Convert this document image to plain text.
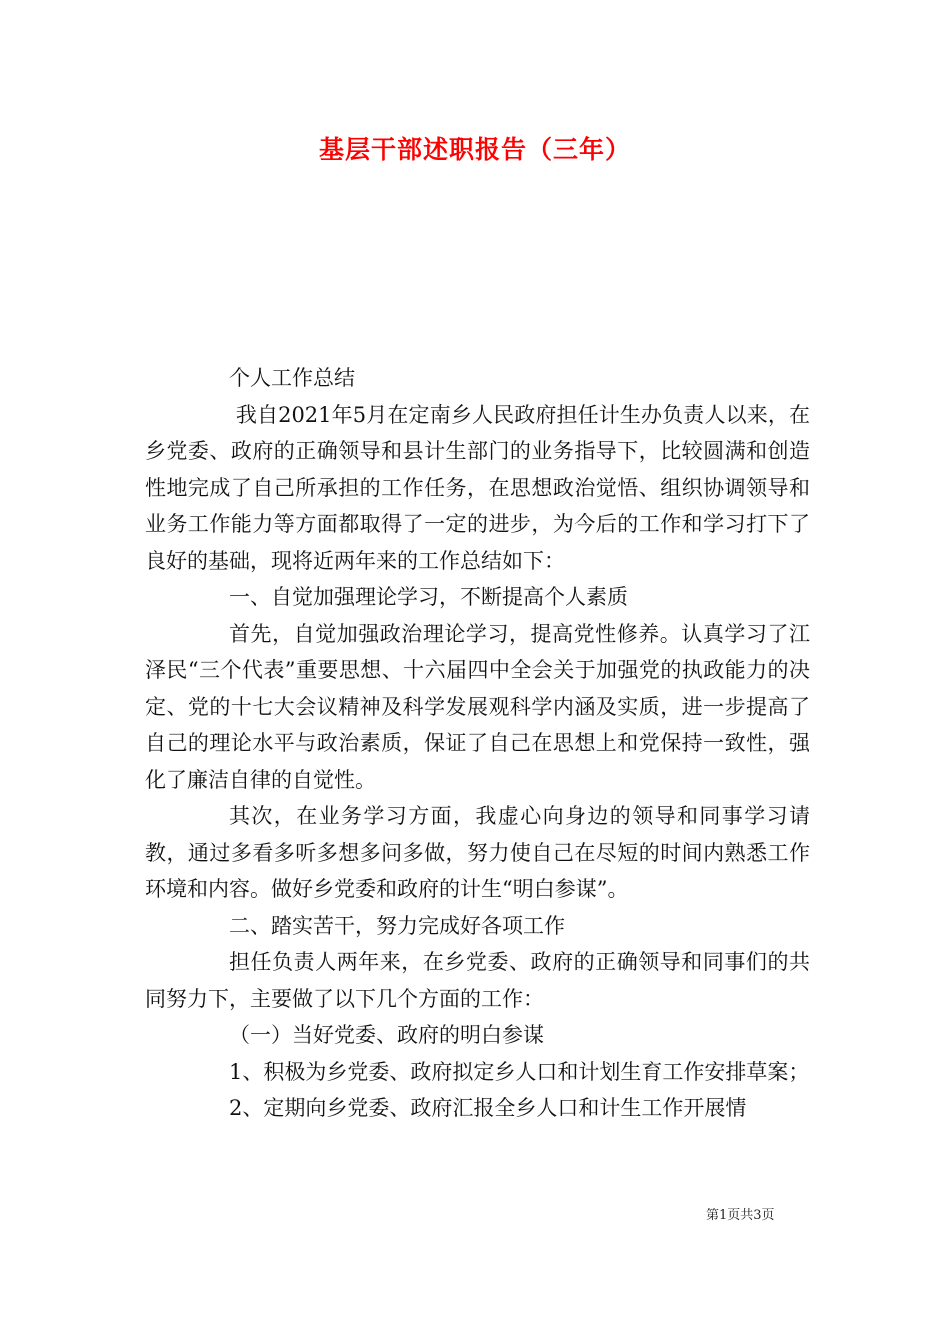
基层干部述职报告（三年）

个人工作总结

我自2021年5月在定南乡人民政府担任计生办负责人以来，在乡党委、政府的正确领导和县计生部门的业务指导下，比较圆满和创造性地完成了自己所承担的工作任务，在思想政治觉悟、组织协调领导和业务工作能力等方面都取得了一定的进步，为今后的工作和学习打下了良好的基础，现将近两年来的工作总结如下：

一、自觉加强理论学习，不断提高个人素质

首先，自觉加强政治理论学习，提高党性修养。认真学习了江泽民“三个代表”重要思想、十六届四中全会关于加强党的执政能力的决定、党的十七大会议精神及科学发展观科学内涵及实质，进一步提高了自己的理论水平与政治素质，保证了自己在思想上和党保持一致性，强化了廉洁自律的自觉性。

其次，在业务学习方面，我虚心向身边的领导和同事学习请教，通过多看多听多想多问多做，努力使自己在尽短的时间内熟悉工作环境和内容。做好乡党委和政府的计生“明白参谋”。

二、踏实苦干，努力完成好各项工作

担任负责人两年来，在乡党委、政府的正确领导和同事们的共同努力下，主要做了以下几个方面的工作：

（一）当好党委、政府的明白参谋

1、积极为乡党委、政府拟定乡人口和计划生育工作安排草案；

2、定期向乡党委、政府汇报全乡人口和计生工作开展情

第1页共3页
